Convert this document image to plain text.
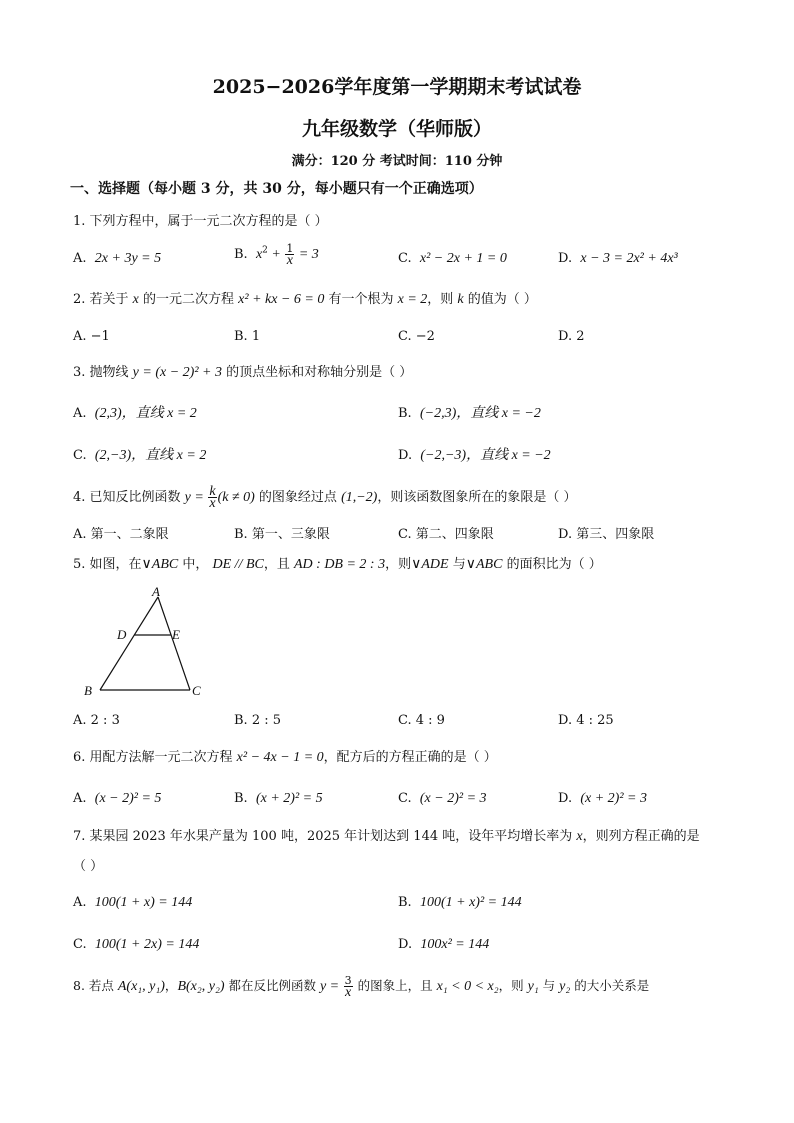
2025−2026学年度第一学期期末考试试卷
九年级数学（华师版）
满分：120 分 考试时间：110 分钟
一、选择题（每小题 3 分，共 30 分，每小题只有一个正确选项）
1. 下列方程中，属于一元二次方程的是（ ）
A. 2x + 3y = 5	B. $x^2 + \frac{1}{x} = 3$	C. x² − 2x + 1 = 0	D. x − 3 = 2x² + 4x³
2. 若关于 x 的一元二次方程 x² + kx − 6 = 0 有一个根为 x = 2，则 k 的值为（ ）
A. −1	B. 1	C. −2	D. 2
3. 抛物线 y = (x − 2)² + 3 的顶点坐标和对称轴分别是（ ）
A. (2,3)，直线 x = 2	B. (−2,3)，直线 x = −2
C. (2,−3)，直线 x = 2	D. (−2,−3)，直线 x = −2
4. 已知反比例函数 $y = \frac{k}{x} (k \ne 0)$ 的图象经过点 (1,−2)，则该函数图象所在的象限是（ ）
A. 第一、二象限	B. 第一、三象限	C. 第二、四象限	D. 第三、四象限
5. 如图，在∨ABC 中， DE // BC，且 AD : DB = 2 : 3，则∨ADE 与∨ABC 的面积比为（ ）
A
D	E
B	C
A. 2 : 3	B. 2 : 5	C. 4 : 9	D. 4 : 25
6. 用配方法解一元二次方程 x² − 4x − 1 = 0，配方后的方程正确的是（ ）
A. (x − 2)² = 5	B. (x + 2)² = 5	C. (x − 2)² = 3	D. (x + 2)² = 3
7. 某果园 2023 年水果产量为 100 吨，2025 年计划达到 144 吨，设年平均增长率为 x，则列方程正确的是
（ ）
A. 100(1 + x) = 144	B. 100(1 + x)² = 144
C. 100(1 + 2x) = 144	D. 100x² = 144
8. 若点 A(x₁, y₁)，B(x₂, y₂) 都在反比例函数 $y = \frac{3}{x}$ 的图象上，且 x₁ < 0 < x₂，则 y₁ 与 y₂ 的大小关系是
